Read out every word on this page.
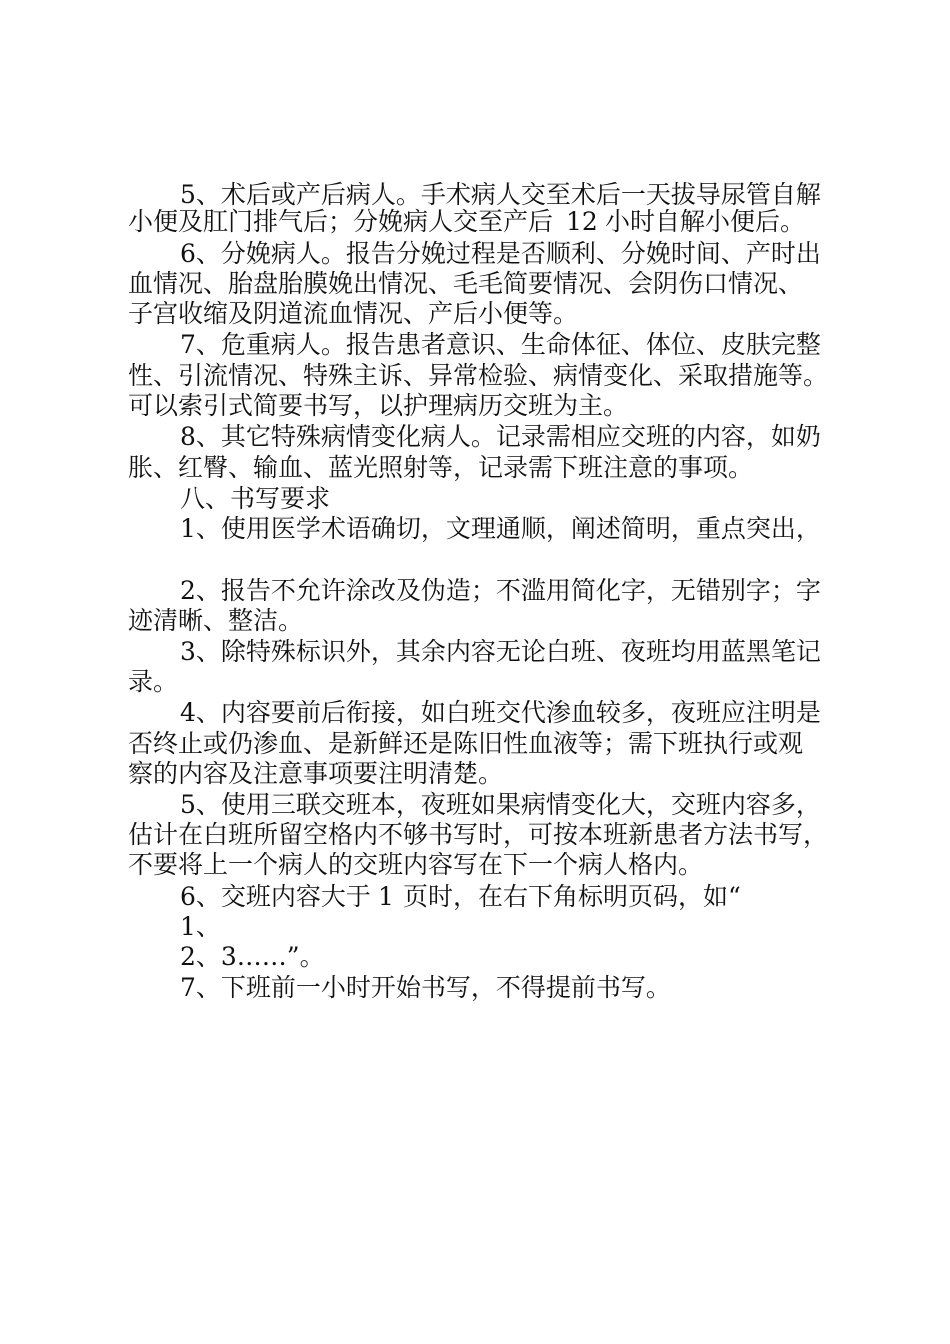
5、术后或产后病人。手术病人交至术后一天拔导尿管自解
小便及肛门排气后；分娩病人交至产后 12 小时自解小便后。
6、分娩病人。报告分娩过程是否顺利、分娩时间、产时出
血情况、胎盘胎膜娩出情况、毛毛简要情况、会阴伤口情况、
子宫收缩及阴道流血情况、产后小便等。
7、危重病人。报告患者意识、生命体征、体位、皮肤完整
性、引流情况、特殊主诉、异常检验、病情变化、采取措施等。
可以索引式简要书写，以护理病历交班为主。
8、其它特殊病情变化病人。记录需相应交班的内容，如奶
胀、红臀、输血、蓝光照射等，记录需下班注意的事项。
八、书写要求
1、使用医学术语确切，文理通顺，阐述简明，重点突出，
2、报告不允许涂改及伪造；不滥用简化字，无错别字；字
迹清晰、整洁。
3、除特殊标识外，其余内容无论白班、夜班均用蓝黑笔记
录。
4、内容要前后衔接，如白班交代渗血较多，夜班应注明是
否终止或仍渗血、是新鲜还是陈旧性血液等；需下班执行或观
察的内容及注意事项要注明清楚。
5、使用三联交班本，夜班如果病情变化大，交班内容多，
估计在白班所留空格内不够书写时，可按本班新患者方法书写，
不要将上一个病人的交班内容写在下一个病人格内。
6、交班内容大于 1 页时，在右下角标明页码，如“
1、
2、3……”。
7、下班前一小时开始书写，不得提前书写。
